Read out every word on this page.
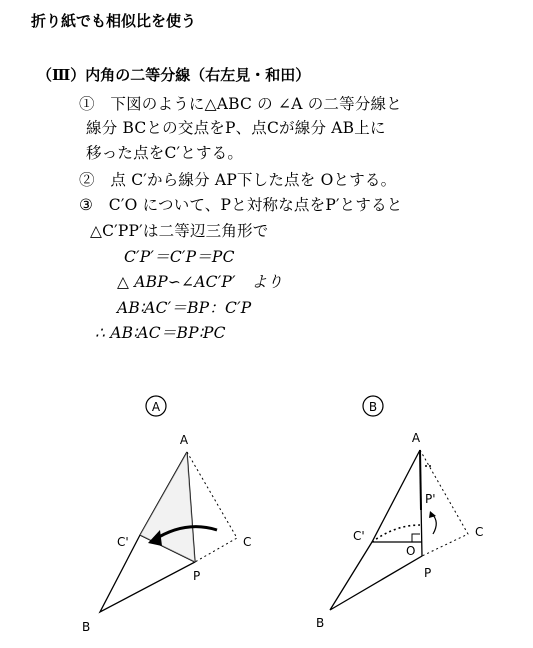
折り紙でも相似比を使う
（Ⅲ）内角の二等分線（右左見・和田）
①　下図のように△ABC の ∠A の二等分線と
線分 BCとの交点をP、点Cが線分 AB上に
移った点をC′とする。
②　点 C′から線分 AP下した点を Oとする。
③　C′O について、Pと対称な点をP′とすると
△C′PP′は二等辺三角形で
C′P′＝C′P＝PC
△ ABP∽∠AC′P′　より
AB∶AC′＝BP：C′P
∴ AB∶AC＝BP∶PC
A
A
C'	C
P
B
B
A
P'
C'
O
C
P
B
